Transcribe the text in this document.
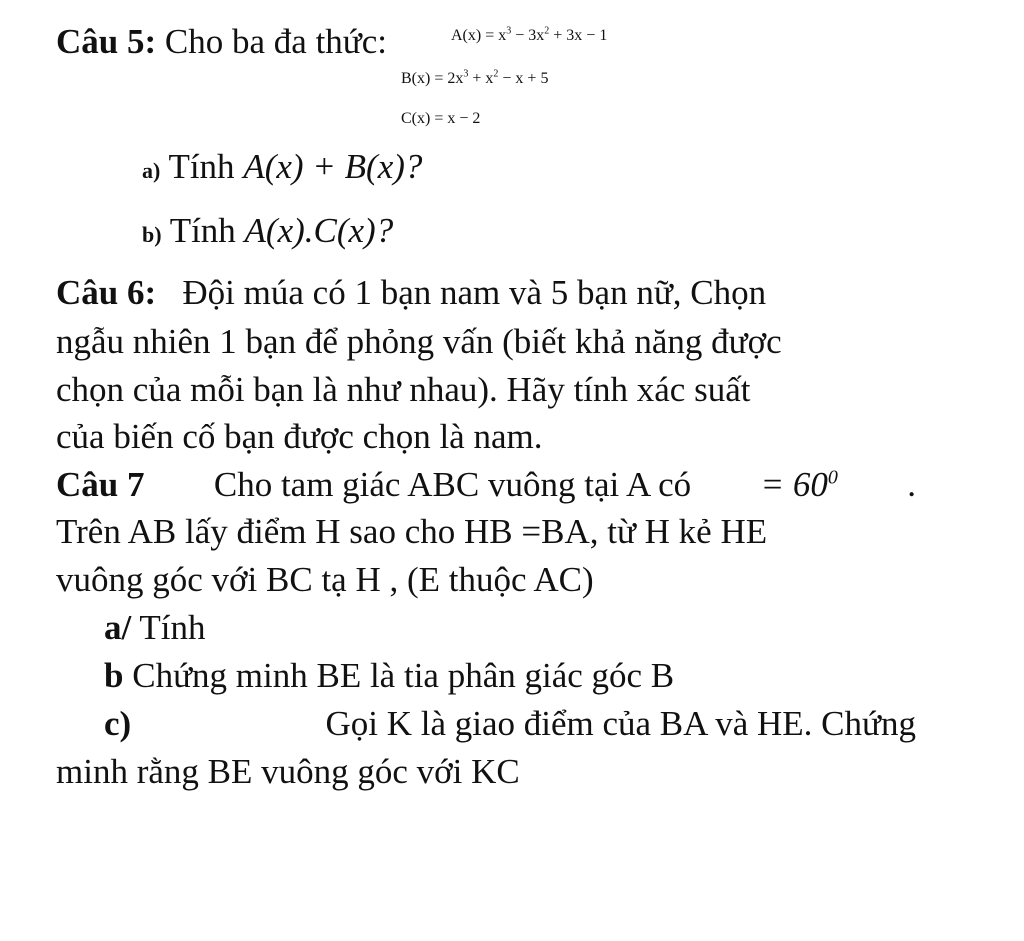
Câu 5: Cho ba đa thức:	$A(x) = x^3 - 3x^2 + 3x - 1$
$B(x) = 2x^3 + x^2 - x + 5$
C(x) = x − 2
a) Tính A(x) + B(x)?
b) Tính A(x).C(x)?
Câu 6: Đội múa có 1 bạn nam và 5 bạn nữ, Chọn
ngẫu nhiên 1 bạn để phỏng vấn (biết khả năng được
chọn của mỗi bạn là như nhau). Hãy tính xác suất
của biến cố bạn được chọn là nam.
Câu 7 Cho tam giác ABC vuông tại A có = $60^0$ .
Trên AB lấy điểm H sao cho HB =BA, từ H kẻ HE
vuông góc với BC tạ H , (E thuộc AC)
a/ Tính
b Chứng minh BE là tia phân giác góc B
c)	Gọi K là giao điểm của BA và HE. Chứng
minh rằng BE vuông góc với KC
